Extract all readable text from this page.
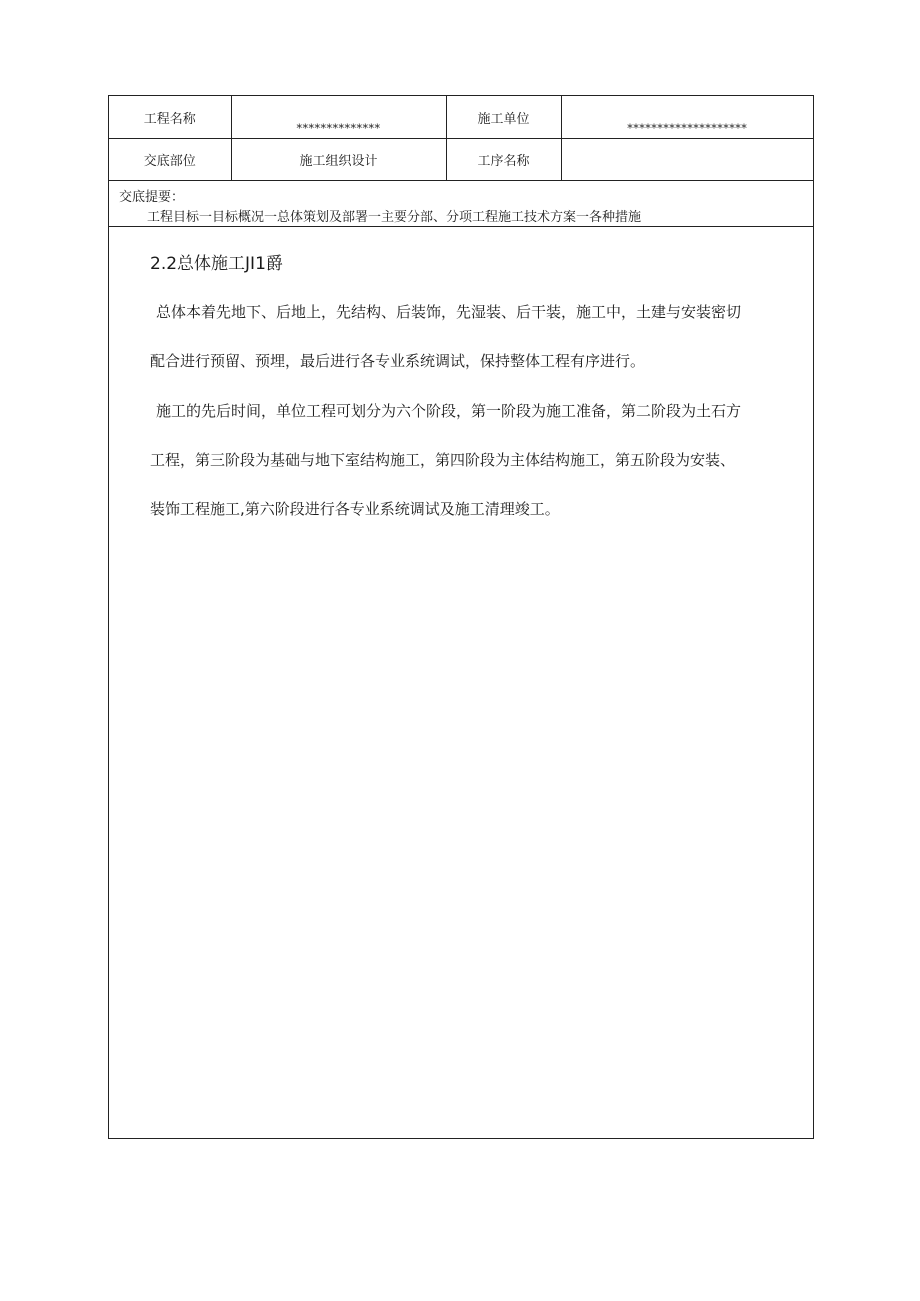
工程名称	**************	施工单位	********************
交底部位	施工组织设计	工序名称	
交底提要：
工程目标一目标概况一总体策划及部署一主要分部、分项工程施工技术方案一各种措施
2.2总体施工JI1爵
总体本着先地下、后地上，先结构、后装饰，先湿装、后干装，施工中，土建与安装密切
配合进行预留、预埋，最后进行各专业系统调试，保持整体工程有序进行。
施工的先后时间，单位工程可划分为六个阶段，第一阶段为施工准备，第二阶段为土石方
工程，第三阶段为基础与地下室结构施工，第四阶段为主体结构施工，第五阶段为安装、
装饰工程施工,第六阶段进行各专业系统调试及施工清理竣工。
